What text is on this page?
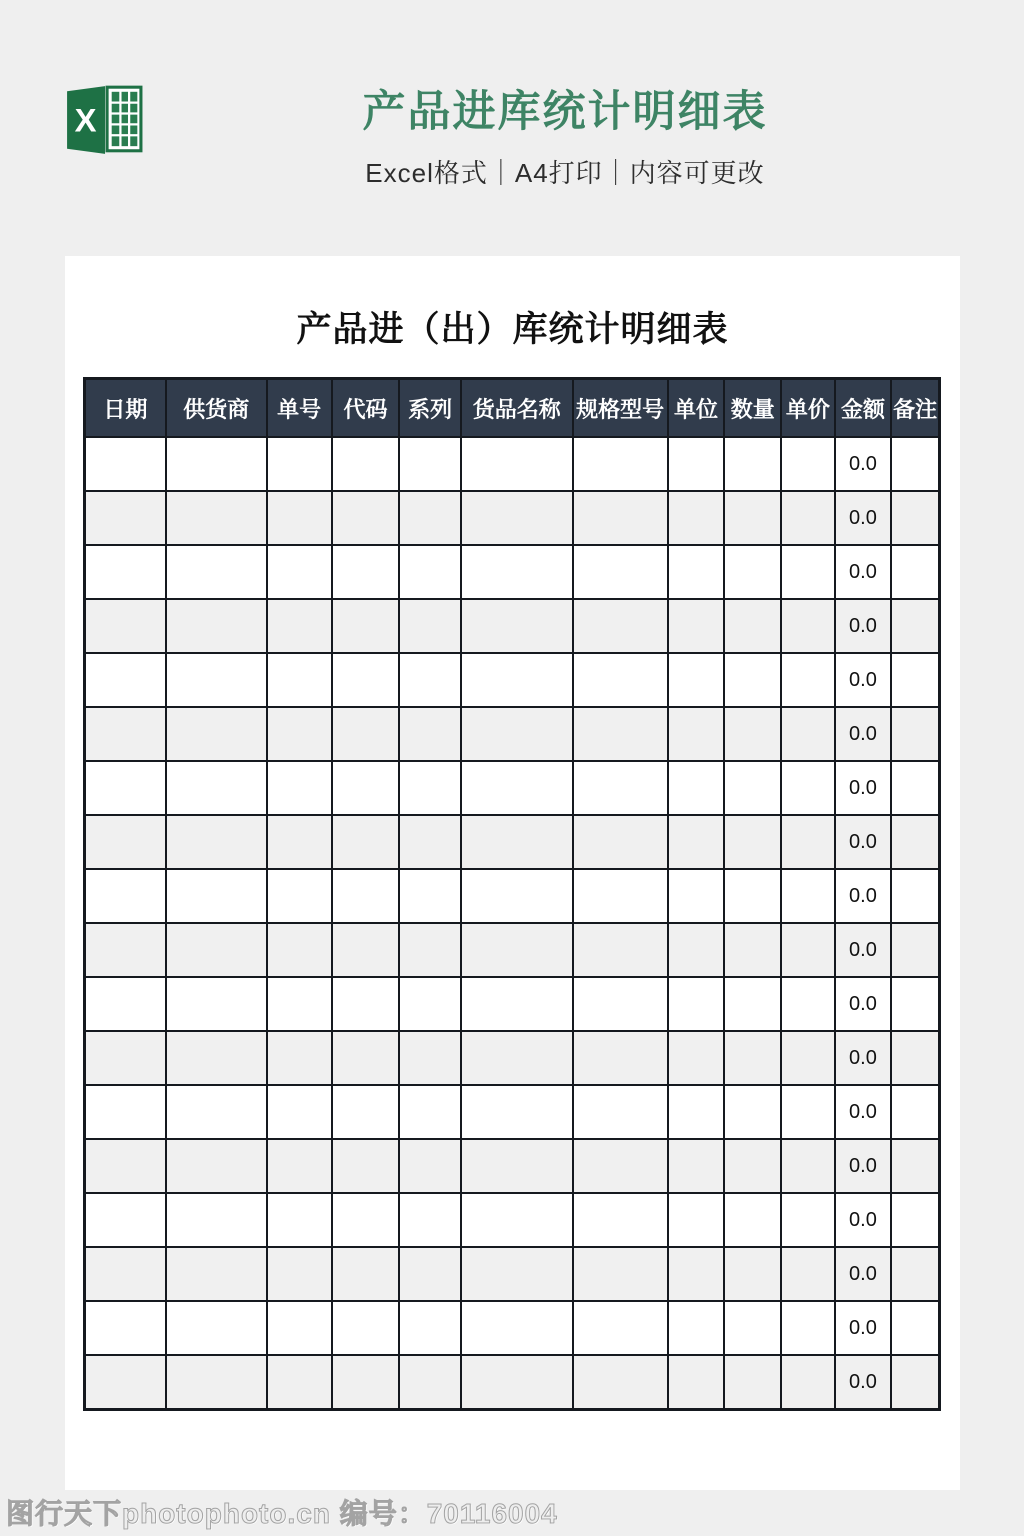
X	产品进库统计明细表
Excel格式｜A4打印｜内容可更改
产品进（出）库统计明细表
日期	供货商	单号	代码	系列	货品名称	规格型号	单位	数量	单价	金额	备注
										0.0	
										0.0	
										0.0	
										0.0	
										0.0	
										0.0	
										0.0	
										0.0	
										0.0	
										0.0	
										0.0	
										0.0	
										0.0	
										0.0	
										0.0	
										0.0	
										0.0	
										0.0	
图行天下photophoto.cn 编号：70116004
